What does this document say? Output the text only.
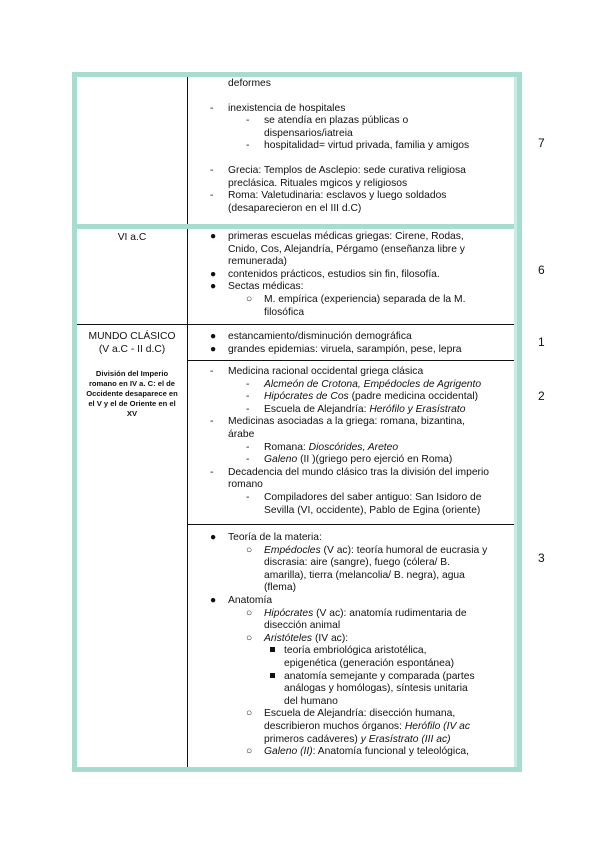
7
6
1
2
3
deformes
- inexistencia de hospitales
- se atendía en plazas públicas o
dispensarios/iatreia
- hospitalidad= virtud privada, familia y amigos
- Grecia: Templos de Asclepio: sede curativa religiosa
preclásica. Rituales mgicos y religiosos
- Roma: Valetudinaria: esclavos y luego soldados
(desaparecieron en el III d.C)
VI a.C	● primeras escuelas médicas griegas: Cirene, Rodas,
Cnido, Cos, Alejandría, Pérgamo (enseñanza libre y
remunerada)
● contenidos prácticos, estudios sin fin, filosofía.
● Sectas médicas:
○ M. empírica (experiencia) separada de la M.
filosófica
MUNDO CLÁSICO
(V a.C - II d.C)
División del Imperio
romano en IV a. C: el de
Occidente desaparece en
el V y el de Oriente en el
XV
● estancamiento/disminución demográfica
● grandes epidemias: viruela, sarampión, pese, lepra
- Medicina racional occidental griega clásica
- Alcmeón de Crotona, Empédocles de Agrigento
- Hipócrates de Cos (padre medicina occidental)
- Escuela de Alejandría: Herófilo y Erasístrato
- Medicinas asociadas a la griega: romana, bizantina,
árabe
- Romana: Dioscórides, Areteo
- Galeno (II )(griego pero ejerció en Roma)
- Decadencia del mundo clásico tras la división del imperio
romano
- Compiladores del saber antiguo: San Isidoro de
Sevilla (VI, occidente), Pablo de Egina (oriente)
● Teoría de la materia:
○ Empédocles (V ac): teoría humoral de eucrasia y
discrasia: aire (sangre), fuego (cólera/ B.
amarilla), tierra (melancolia/ B. negra), agua
(flema)
● Anatomía
○ Hipócrates (V ac): anatomía rudimentaria de
disección animal
○ Aristóteles (IV ac):
teoría embriológica aristotélica,
epigenética (generación espontánea)
anatomía semejante y comparada (partes
análogas y homólogas), síntesis unitaria
del humano
○ Escuela de Alejandría: disección humana,
describieron muchos órganos: Herófilo (IV ac
primeros cadáveres) y Erasístrato (III ac)
○ Galeno (II): Anatomía funcional y teleológica,
